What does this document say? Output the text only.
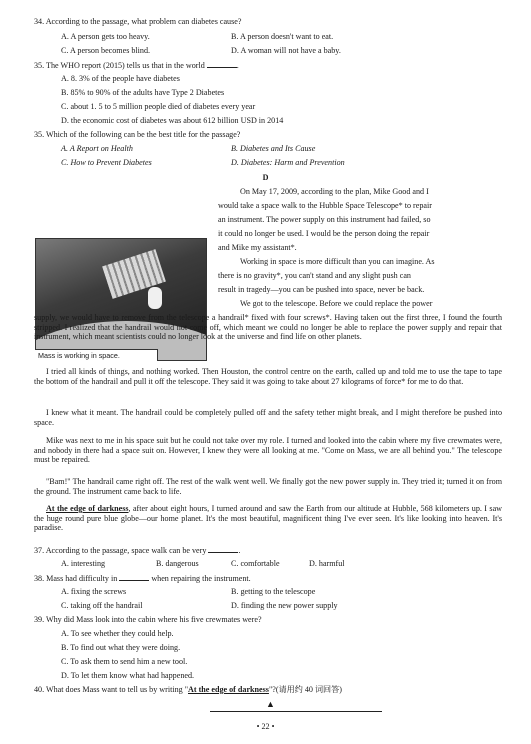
34. According to the passage, what problem can diabetes cause?
A. A person gets too heavy.	B. A person doesn't want to eat.
C. A person becomes blind.	D. A woman will not have a baby.
35. The WHO report (2015) tells us that in the world	.
A. 8. 3% of the people have diabetes
B. 85% to 90% of the adults have Type 2 Diabetes
C. about 1. 5 to 5 million people died of diabetes every year
D. the economic cost of diabetes was about 612 billion USD in 2014
35. Which of the following can be the best title for the passage?
A. A Report on Health	B. Diabetes and Its Cause
C. How to Prevent Diabetes	D. Diabetes: Harm and Prevention
D
Mass is working in space.
On May 17, 2009, according to the plan, Mike Good and I
would take a space walk to the Hubble Space Telescope* to repair
an instrument. The power supply on this instrument had failed, so
it could no longer be used. I would be the person doing the repair
and Mike my assistant*.
Working in space is more difficult than you can imagine. As
there is no gravity*, you can't stand and any slight push can
result in tragedy—you can be pushed into space, never be back.
We got to the telescope. Before we could replace the power
supply, we would have to remove from the telescope a handrail* fixed with four screws*. Having taken out the first three, I found the fourth stripped. I realized that the handrail would not come off, which meant we could no longer be able to replace the power supply and repair that instrument, which meant scientists could no longer look at the universe and find life on other planets.
I tried all kinds of things, and nothing worked. Then Houston, the control centre on the earth, called up and told me to use the tape to tape the bottom of the handrail and pull it off the telescope. They said it was going to take about 27 kilograms of force* for me to do that.
I knew what it meant. The handrail could be completely pulled off and the safety tether might break, and I might therefore be pushed into space.
Mike was next to me in his space suit but he could not take over my role. I turned and looked into the cabin where my five crewmates were, and nobody in there had a space suit on. However, I knew they were all looking at me. "Come on Mass, we are all behind you." The telescope must be repaired.
"Bam!" The handrail came right off. The rest of the walk went well. We finally got the new power supply in. They tried it; turned it on from the ground. The instrument came back to life.
At the edge of darkness, after about eight hours, I turned around and saw the Earth from our altitude at Hubble, 568 kilometers up. I saw the huge round pure blue globe—our home planet. It's the most beautiful, magnificent thing I've ever seen. It's like looking into heaven. It's paradise.
37. According to the passage, space walk can be very	.
A. interesting	B. dangerous	C. comfortable	D. harmful
38. Mass had difficulty in	when repairing the instrument.
A. fixing the screws	B. getting to the telescope
C. taking off the handrail	D. finding the new power supply
39. Why did Mass look into the cabin where his five crewmates were?
A. To see whether they could help.
B. To find out what they were doing.
C. To ask them to send him a new tool.
D. To let them know what had happened.
40. What does Mass want to tell us by writing "At the edge of darkness"?(请用约 40 词回答)
▲
• 22 •
